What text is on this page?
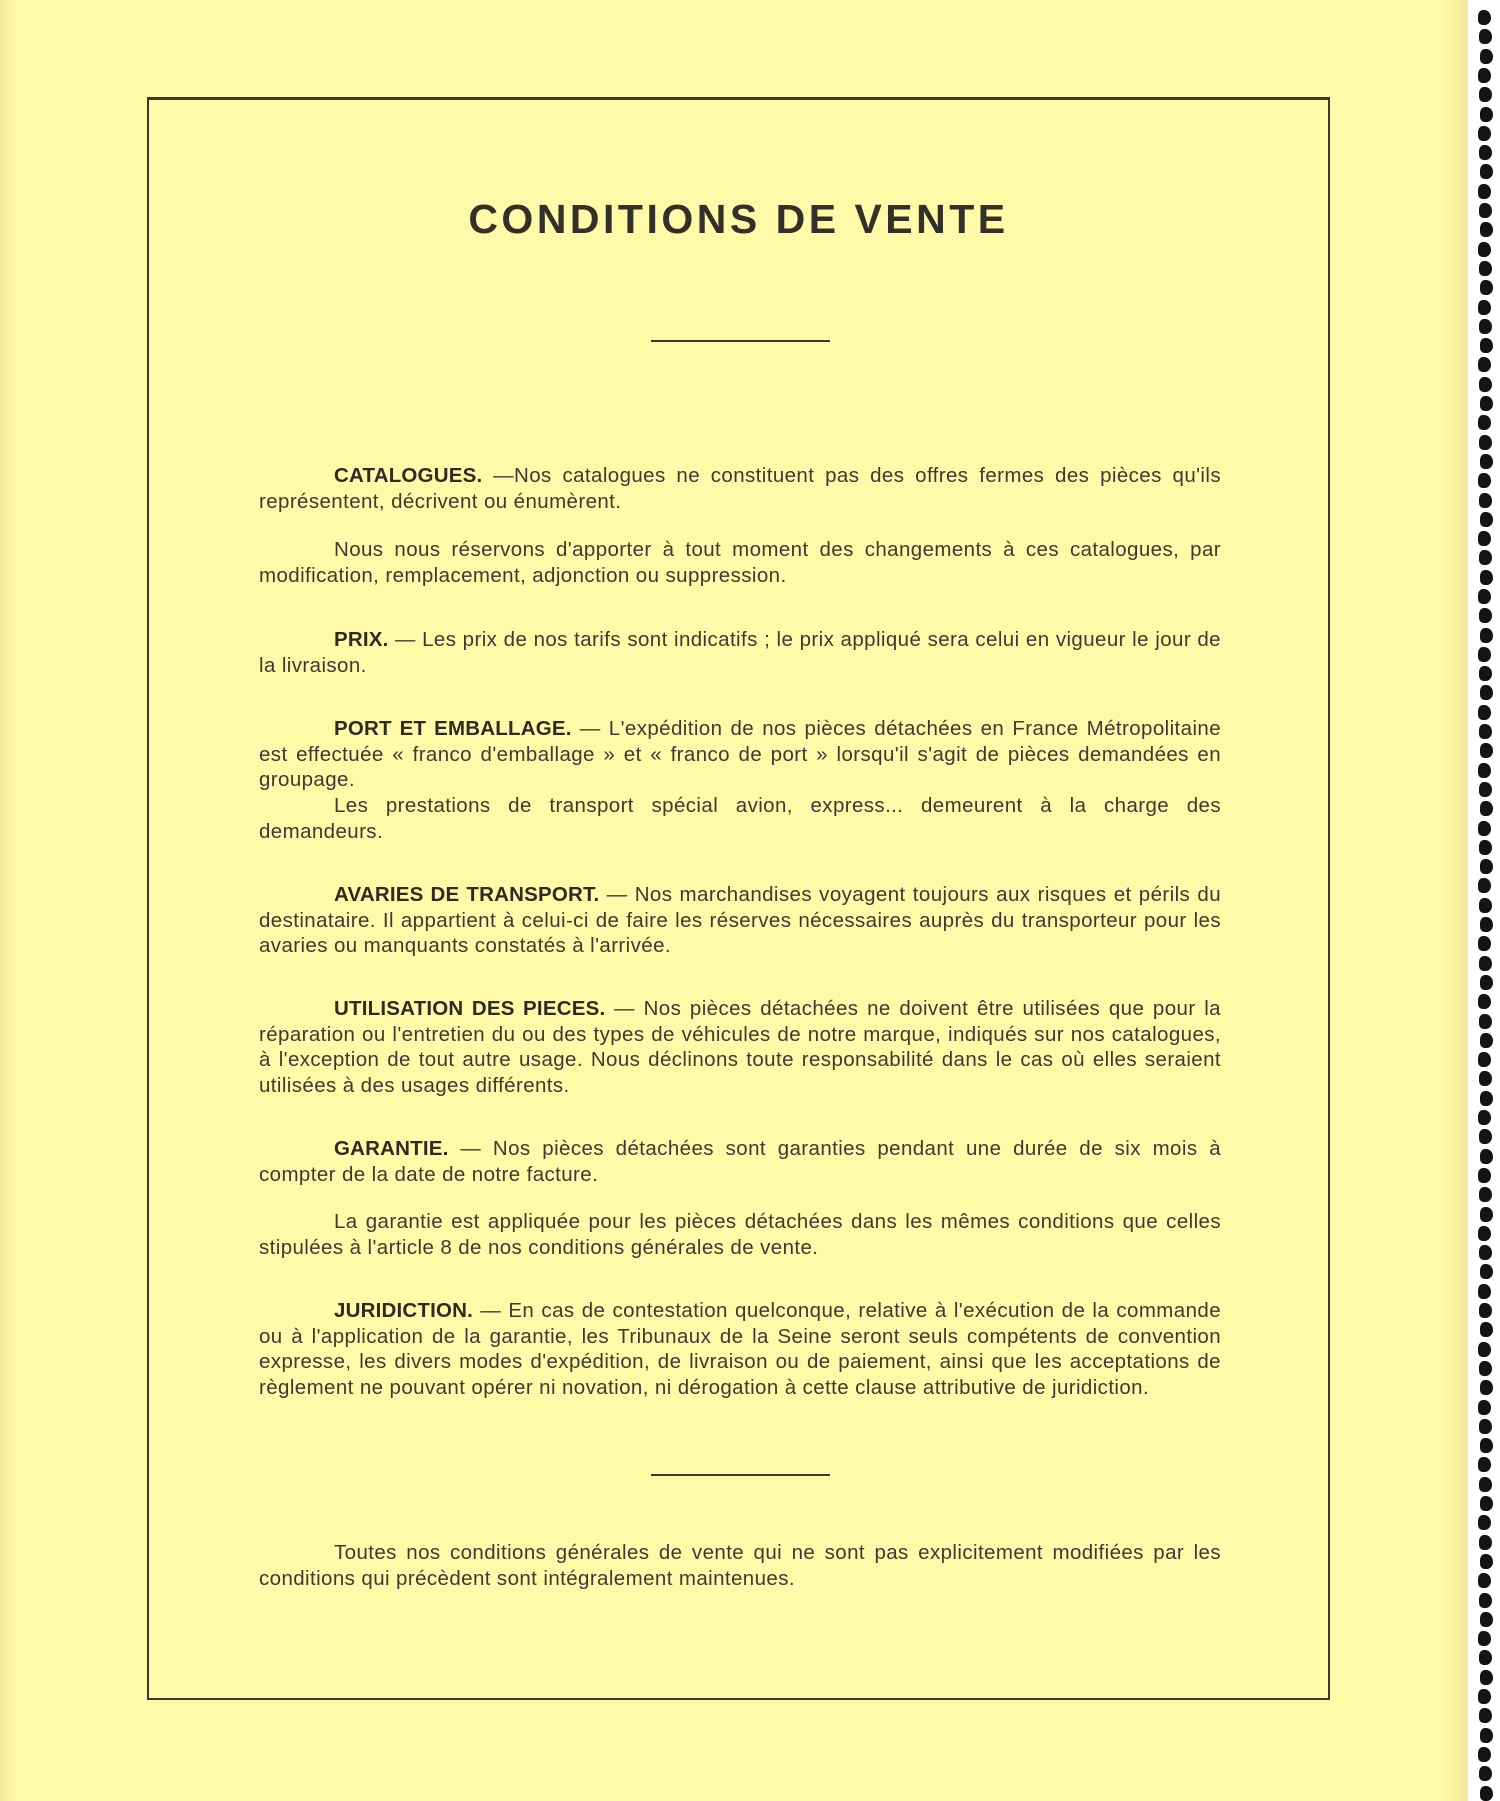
CONDITIONS DE VENTE

CATALOGUES. —Nos catalogues ne constituent pas des offres fermes des pièces qu'ils représentent, décrivent ou énumèrent.

Nous nous réservons d'apporter à tout moment des changements à ces catalogues, par modification, remplacement, adjonction ou suppression.

PRIX. — Les prix de nos tarifs sont indicatifs ; le prix appliqué sera celui en vigueur le jour de la livraison.

PORT ET EMBALLAGE. — L'expédition de nos pièces détachées en France Métropolitaine est effectuée « franco d'emballage » et « franco de port » lorsqu'il s'agit de pièces demandées en groupage.

Les prestations de transport spécial avion, express... demeurent à la charge des demandeurs.

AVARIES DE TRANSPORT. — Nos marchandises voyagent toujours aux risques et périls du destinataire. Il appartient à celui-ci de faire les réserves nécessaires auprès du transporteur pour les avaries ou manquants constatés à l'arrivée.

UTILISATION DES PIECES. — Nos pièces détachées ne doivent être utilisées que pour la réparation ou l'entretien du ou des types de véhicules de notre marque, indiqués sur nos catalogues, à l'exception de tout autre usage. Nous déclinons toute responsabilité dans le cas où elles seraient utilisées à des usages différents.

GARANTIE. — Nos pièces détachées sont garanties pendant une durée de six mois à compter de la date de notre facture.

La garantie est appliquée pour les pièces détachées dans les mêmes conditions que celles stipulées à l'article 8 de nos conditions générales de vente.

JURIDICTION. — En cas de contestation quelconque, relative à l'exécution de la commande ou à l'application de la garantie, les Tribunaux de la Seine seront seuls compétents de convention expresse, les divers modes d'expédition, de livraison ou de paiement, ainsi que les acceptations de règlement ne pouvant opérer ni novation, ni dérogation à cette clause attributive de juridiction.

Toutes nos conditions générales de vente qui ne sont pas explicitement modifiées par les conditions qui précèdent sont intégralement maintenues.
